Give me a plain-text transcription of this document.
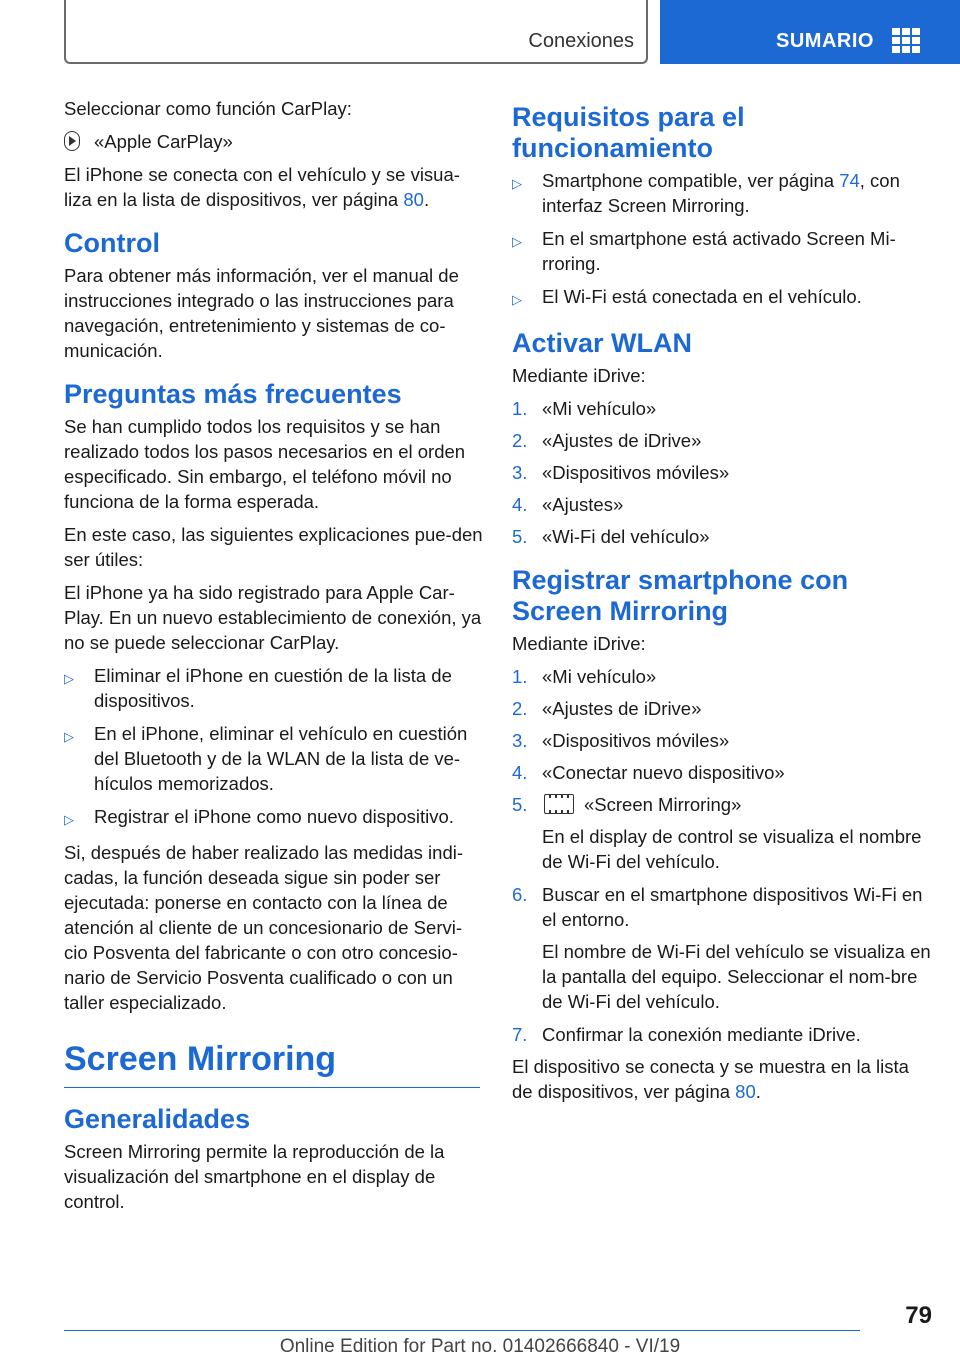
Conexiones	SUMARIO

Seleccionar como función CarPlay:

«Apple CarPlay»

El iPhone se conecta con el vehículo y se visua-liza en la lista de dispositivos, ver página 80.

Control

Para obtener más información, ver el manual de instrucciones integrado o las instrucciones para navegación, entretenimiento y sistemas de co-municación.

Preguntas más frecuentes

Se han cumplido todos los requisitos y se han realizado todos los pasos necesarios en el orden especificado. Sin embargo, el teléfono móvil no funciona de la forma esperada.

En este caso, las siguientes explicaciones pue-den ser útiles:

El iPhone ya ha sido registrado para Apple Car-Play. En un nuevo establecimiento de conexión, ya no se puede seleccionar CarPlay.

▷	Eliminar el iPhone en cuestión de la lista de dispositivos.
▷	En el iPhone, eliminar el vehículo en cuestión del Bluetooth y de la WLAN de la lista de ve-hículos memorizados.
▷	Registrar el iPhone como nuevo dispositivo.

Si, después de haber realizado las medidas indi-cadas, la función deseada sigue sin poder ser ejecutada: ponerse en contacto con la línea de atención al cliente de un concesionario de Servi-cio Posventa del fabricante o con otro concesio-nario de Servicio Posventa cualificado o con un taller especializado.

Screen Mirroring
Generalidades

Screen Mirroring permite la reproducción de la visualización del smartphone en el display de control.

Requisitos para el funcionamiento
▷	Smartphone compatible, ver página 74, con interfaz Screen Mirroring.
▷	En el smartphone está activado Screen Mi-rroring.
▷	El Wi-Fi está conectada en el vehículo.
Activar WLAN

Mediante iDrive:

1. «Mi vehículo»
2. «Ajustes de iDrive»
3. «Dispositivos móviles»
4. «Ajustes»
5. «Wi-Fi del vehículo»
Registrar smartphone con Screen Mirroring

Mediante iDrive:

1. «Mi vehículo»
2. «Ajustes de iDrive»
3. «Dispositivos móviles»
4. «Conectar nuevo dispositivo»
5.	«Screen Mirroring»

En el display de control se visualiza el nombre de Wi-Fi del vehículo.

6. Buscar en el smartphone dispositivos Wi-Fi en el entorno.

El nombre de Wi-Fi del vehículo se visualiza en la pantalla del equipo. Seleccionar el nom-bre de Wi-Fi del vehículo.

7. Confirmar la conexión mediante iDrive.

El dispositivo se conecta y se muestra en la lista de dispositivos, ver página 80.

79
Online Edition for Part no. 01402666840 - VI/19
